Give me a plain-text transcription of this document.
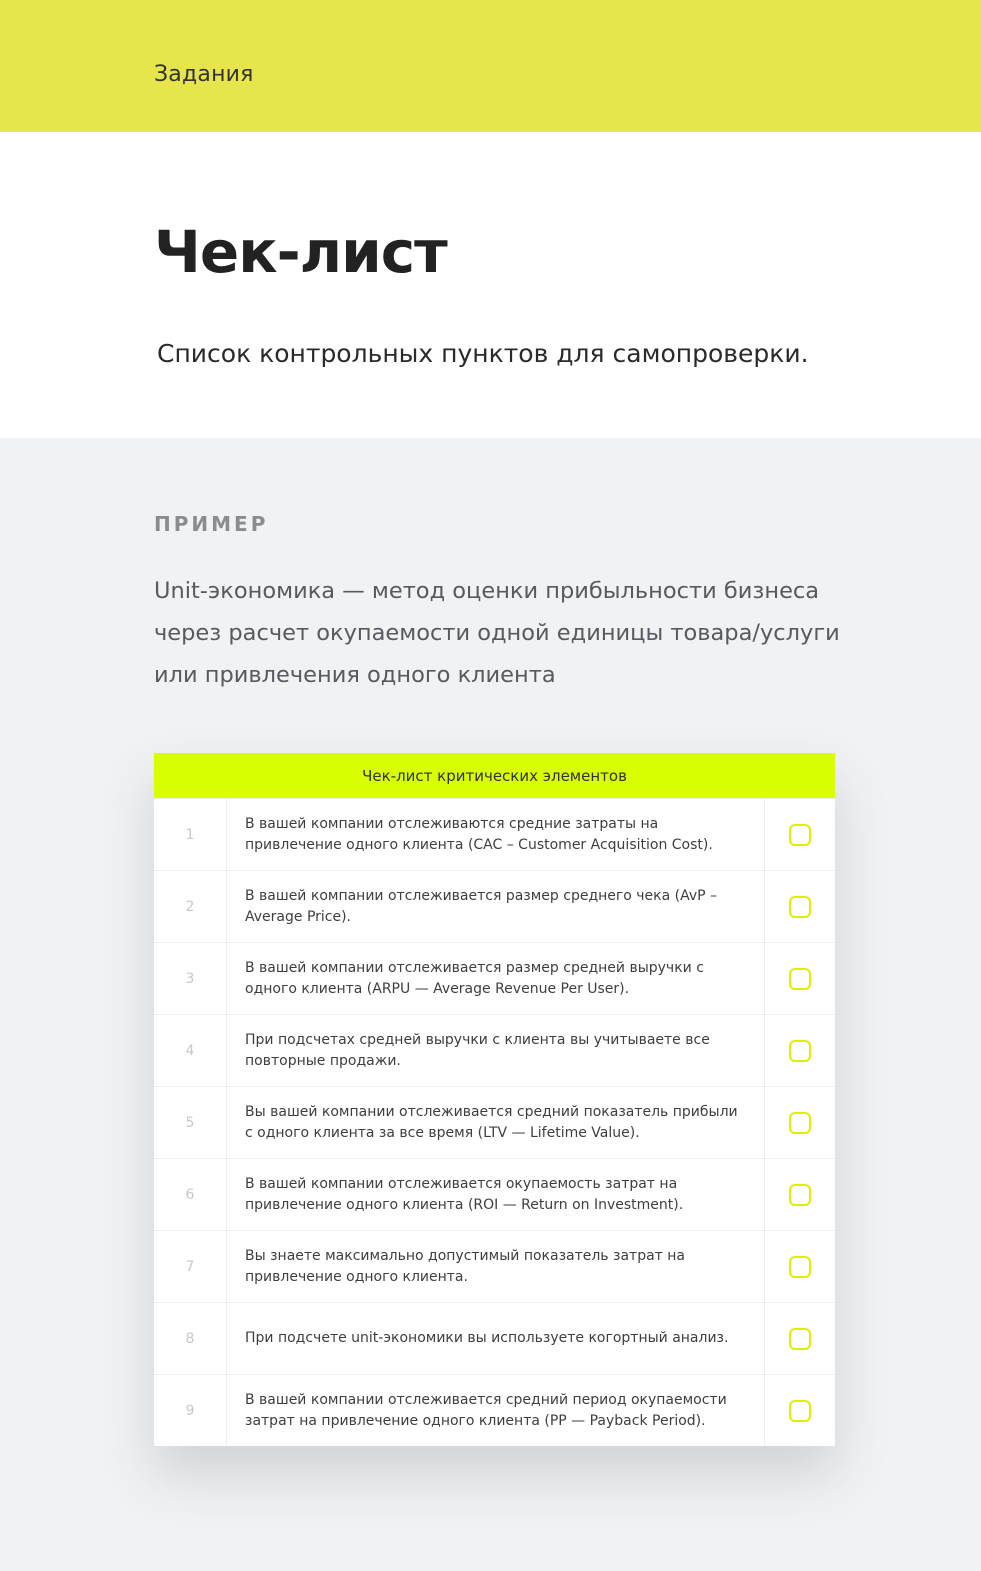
Задания
Чек-лист

Список контрольных пунктов для самопроверки.

ПРИМЕР

Unit-экономика — метод оценки прибыльности бизнеса через расчет окупаемости одной единицы товара/услуги или привлечения одного клиента

Чек-лист критических элементов
1
В вашей компании отслеживаются средние затраты на привлечение одного клиента (CAC – Customer Acquisition Cost).
2
В вашей компании отслеживается размер среднего чека (AvP – Average Price).
3
В вашей компании отслеживается размер средней выручки с одного клиента (ARPU — Average Revenue Per User).
4
При подсчетах средней выручки с клиента вы учитываете все повторные продажи.
5
Вы вашей компании отслеживается средний показатель прибыли с одного клиента за все время (LTV — Lifetime Value).
6
В вашей компании отслеживается окупаемость затрат на привлечение одного клиента (ROI — Return on Investment).
7
Вы знаете максимально допустимый показатель затрат на привлечение одного клиента.
8	При подсчете unit-экономики вы используете когортный анализ.
9
В вашей компании отслеживается средний период окупаемости затрат на привлечение одного клиента (PP — Payback Period).
